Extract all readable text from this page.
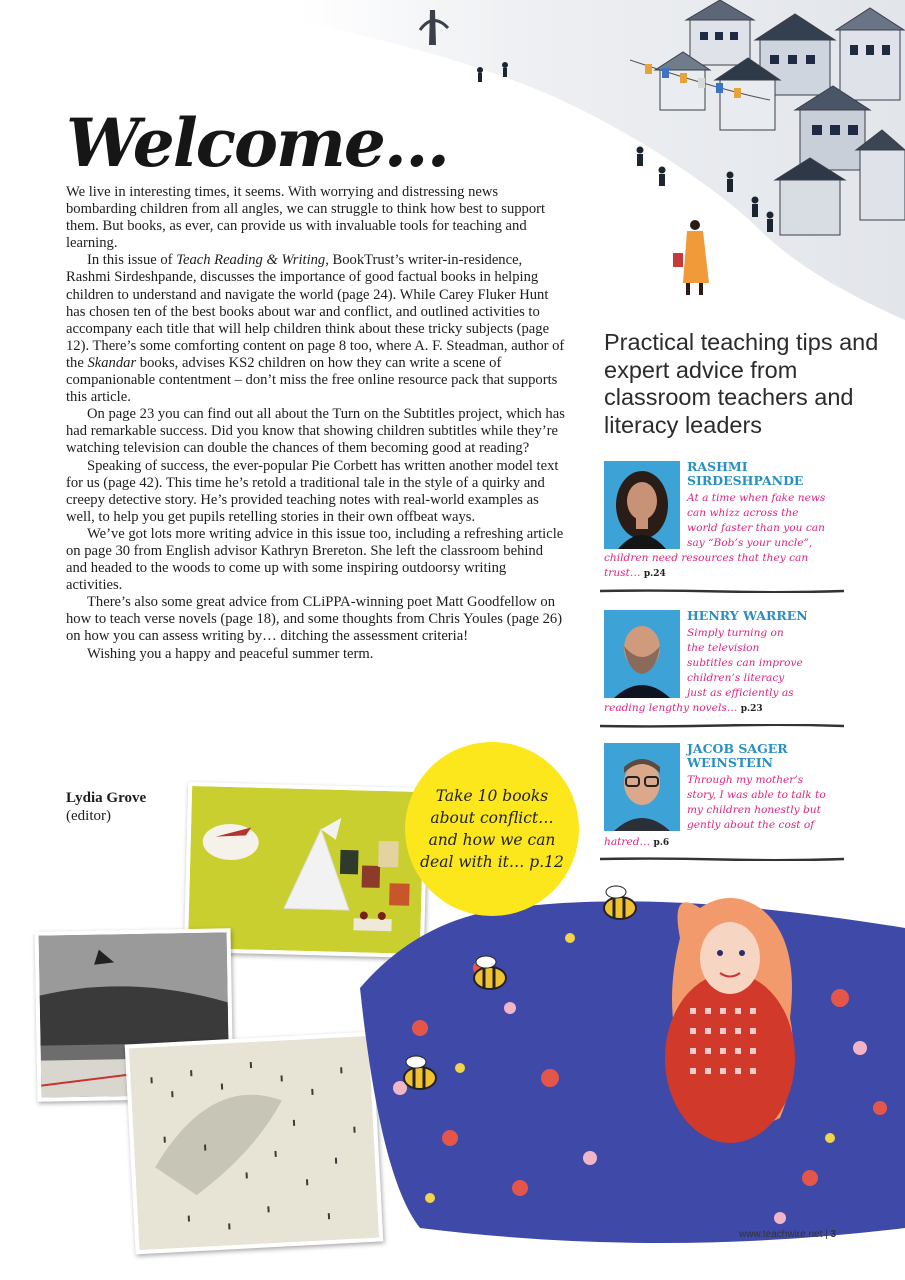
Welcome…

We live in interesting times, it seems. With worrying and distressing news bombarding children from all angles, we can struggle to think how best to support them. But books, as ever, can provide us with invaluable tools for teaching and learning.

In this issue of Teach Reading & Writing, BookTrust’s writer-in-residence, Rashmi Sirdeshpande, discusses the importance of good factual books in helping children to understand and navigate the world (page 24). While Carey Fluker Hunt has chosen ten of the best books about war and conflict, and outlined activities to accompany each title that will help children think about these tricky subjects (page 12). There’s some comforting content on page 8 too, where A. F. Steadman, author of the Skandar books, advises KS2 children on how they can write a scene of companionable contentment – don’t miss the free online resource pack that supports this article.

On page 23 you can find out all about the Turn on the Subtitles project, which has had remarkable success. Did you know that showing children subtitles while they’re watching television can double the chances of them becoming good at reading?

Speaking of success, the ever-popular Pie Corbett has written another model text for us (page 42). This time he’s retold a traditional tale in the style of a quirky and creepy detective story. He’s provided teaching notes with real-world examples as well, to help you get pupils retelling stories in their own offbeat ways.

We’ve got lots more writing advice in this issue too, including a refreshing article on page 30 from English advisor Kathryn Brereton. She left the classroom behind and headed to the woods to come up with some inspiring outdoorsy writing activities.

There’s also some great advice from CLiPPA-winning poet Matt Goodfellow on how to teach verse novels (page 18), and some thoughts from Chris Youles (page 26) on how you can assess writing by… ditching the assessment criteria!

Wishing you a happy and peaceful summer term.

Lydia Grove
(editor)
Practical teaching tips and expert advice from classroom teachers and literacy leaders
RASHMI
SIRDESHPANDE
At a time when fake news
can whizz across the
world faster than you can
say “Bob’s your uncle”,
children need resources that they can
trust… p.24
HENRY WARREN
Simply turning on
the television
subtitles can improve
children’s literacy
just as efficiently as
reading lengthy novels… p.23
JACOB SAGER
WEINSTEIN
Through my mother’s
story, I was able to talk to
my children honestly but
gently about the cost of
hatred… p.6
Take 10 books about conflict… and how we can deal with it… p.12
www.teachwire.net | 3
